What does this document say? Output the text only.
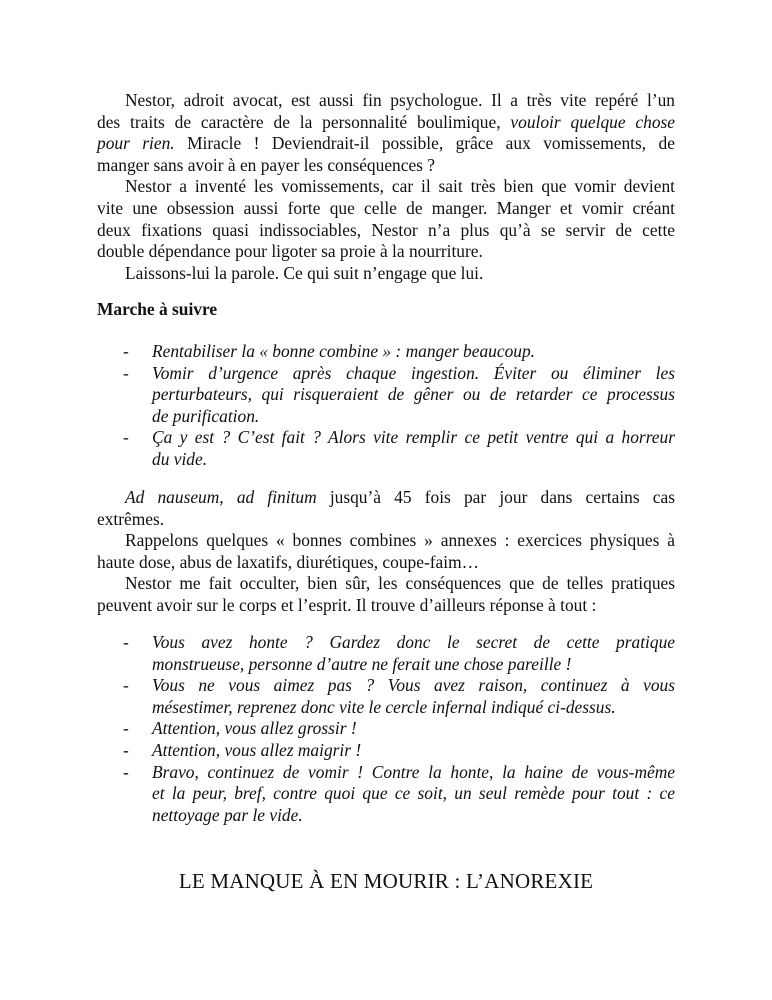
Nestor, adroit avocat, est aussi fin psychologue. Il a très vite repéré l’un
des traits de caractère de la personnalité boulimique, vouloir quelque chose
pour rien. Miracle ! Deviendrait-il possible, grâce aux vomissements, de
manger sans avoir à en payer les conséquences ?
Nestor a inventé les vomissements, car il sait très bien que vomir devient
vite une obsession aussi forte que celle de manger. Manger et vomir créant
deux fixations quasi indissociables, Nestor n’a plus qu’à se servir de cette
double dépendance pour ligoter sa proie à la nourriture.
Laissons-lui la parole. Ce qui suit n’engage que lui.
Marche à suivre
- Rentabiliser la « bonne combine » : manger beaucoup.
- Vomir d’urgence après chaque ingestion. Éviter ou éliminer les
perturbateurs, qui risqueraient de gêner ou de retarder ce processus
de purification.
- Ça y est ? C’est fait ? Alors vite remplir ce petit ventre qui a horreur
du vide.
Ad nauseum, ad finitum jusqu’à 45 fois par jour dans certains cas
extrêmes.
Rappelons quelques « bonnes combines » annexes : exercices physiques à
haute dose, abus de laxatifs, diurétiques, coupe-faim…
Nestor me fait occulter, bien sûr, les conséquences que de telles pratiques
peuvent avoir sur le corps et l’esprit. Il trouve d’ailleurs réponse à tout :
- Vous avez honte ? Gardez donc le secret de cette pratique
monstrueuse, personne d’autre ne ferait une chose pareille !
- Vous ne vous aimez pas ? Vous avez raison, continuez à vous
mésestimer, reprenez donc vite le cercle infernal indiqué ci-dessus.
- Attention, vous allez grossir !
- Attention, vous allez maigrir !
- Bravo, continuez de vomir ! Contre la honte, la haine de vous-même
et la peur, bref, contre quoi que ce soit, un seul remède pour tout : ce
nettoyage par le vide.
LE MANQUE À EN MOURIR : L’ANOREXIE
